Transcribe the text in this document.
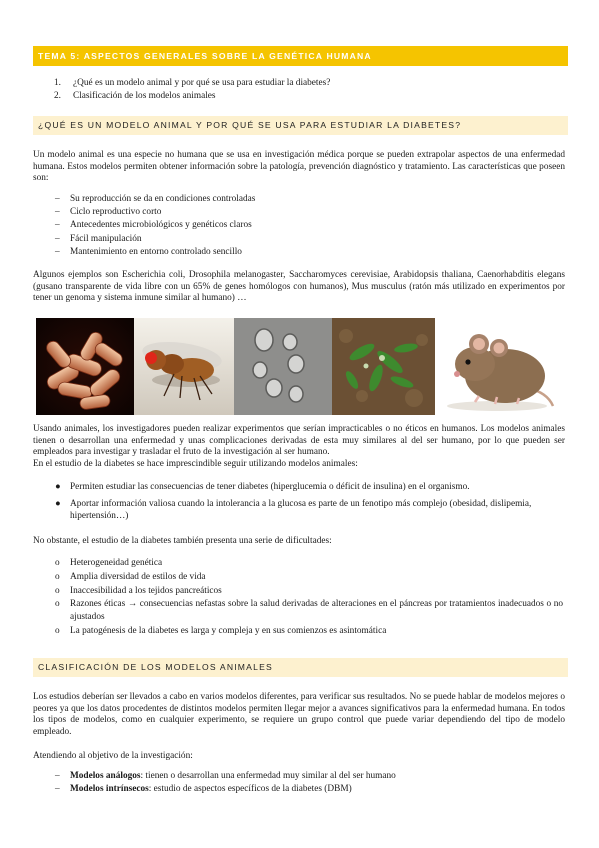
TEMA 5: ASPECTOS GENERALES SOBRE LA GENÉTICA HUMANA
1. ¿Qué es un modelo animal y por qué se usa para estudiar la diabetes?
2. Clasificación de los modelos animales
¿QUÉ ES UN MODELO ANIMAL Y POR QUÉ SE USA PARA ESTUDIAR LA DIABETES?
Un modelo animal es una especie no humana que se usa en investigación médica porque se pueden extrapolar aspectos de una enfermedad humana. Estos modelos permiten obtener información sobre la patología, prevención diagnóstico y tratamiento. Las características que poseen son:
– Su reproducción se da en condiciones controladas
– Ciclo reproductivo corto
– Antecedentes microbiológicos y genéticos claros
– Fácil manipulación
– Mantenimiento en entorno controlado sencillo
Algunos ejemplos son Escherichia coli, Drosophila melanogaster, Saccharomyces cerevisiae, Arabidopsis thaliana, Caenorhabditis elegans (gusano transparente de vida libre con un 65% de genes homólogos con humanos), Mus musculus (ratón más utilizado en experimentos por tener un genoma y sistema inmune similar al humano) …
Usando animales, los investigadores pueden realizar experimentos que serían impracticables o no éticos en humanos. Los modelos animales tienen o desarrollan una enfermedad y unas complicaciones derivadas de esta muy similares al del ser humano, por lo que pueden ser empleados para investigar y trasladar el fruto de la investigación al ser humano.
En el estudio de la diabetes se hace imprescindible seguir utilizando modelos animales:
● Permiten estudiar las consecuencias de tener diabetes (hiperglucemia o déficit de insulina) en el organismo.
● Aportar información valiosa cuando la intolerancia a la glucosa es parte de un fenotipo más complejo (obesidad, dislipemia, hipertensión…)
No obstante, el estudio de la diabetes también presenta una serie de dificultades:
o Heterogeneidad genética
o Amplia diversidad de estilos de vida
o Inaccesibilidad a los tejidos pancreáticos
o Razones éticas → consecuencias nefastas sobre la salud derivadas de alteraciones en el páncreas por tratamientos inadecuados o no ajustados
o La patogénesis de la diabetes es larga y compleja y en sus comienzos es asintomática
CLASIFICACIÓN DE LOS MODELOS ANIMALES
Los estudios deberían ser llevados a cabo en varios modelos diferentes, para verificar sus resultados. No se puede hablar de modelos mejores o peores ya que los datos procedentes de distintos modelos permiten llegar mejor a avances significativos para la enfermedad humana. En todos los tipos de modelos, como en cualquier experimento, se requiere un grupo control que puede variar dependiendo del tipo de modelo empleado.
Atendiendo al objetivo de la investigación:
– Modelos análogos: tienen o desarrollan una enfermedad muy similar al del ser humano
– Modelos intrínsecos: estudio de aspectos específicos de la diabetes (DBM)
